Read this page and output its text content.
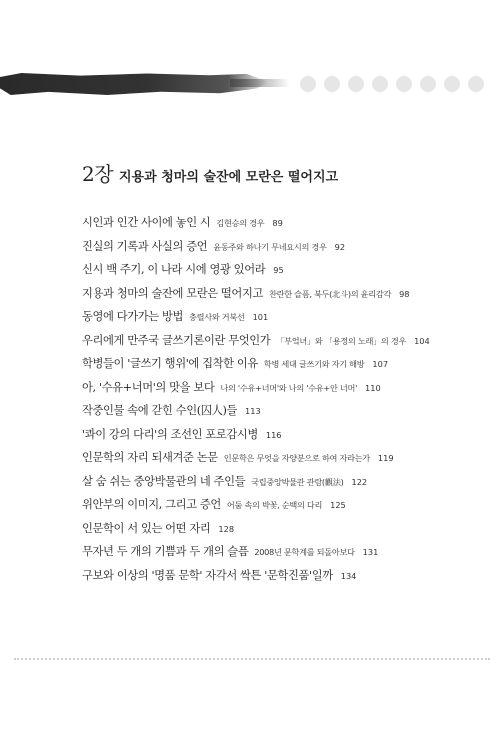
2장 지용과 청마의 술잔에 모란은 떨어지고
시인과 인간 사이에 놓인 시 김현승의 경우 89
진실의 기록과 사실의 증언 윤동주와 하나기 무네요시의 경우 92
신시 백 주기, 이 나라 시에 영광 있어라 95
지용과 청마의 술잔에 모란은 떨어지고 찬란한 슬픔, 북두(北斗)의 윤리감각 98
동영에 다가가는 방법 충렬사와 거북선 101
우리에게 만주국 글쓰기론이란 무엇인가 「부엌녀」와 「용정의 노래」의 경우 104
학병들이 '글쓰기 행위'에 집착한 이유 학병 세대 글쓰기와 자기 해방 107
아, '수유+너머'의 맛을 보다 나의 '수유+너머'와 나의 '수유+안 너머' 110
작중인물 속에 갇힌 수인(囚人)들 113
'콰이 강의 다리'의 조선인 포로감시병 116
인문학의 자리 되새겨준 논문 인문학은 무엇을 자양분으로 하여 자라는가 119
살 숨 쉬는 중앙박물관의 네 주인들 국립중앙박물관 관람(觀法) 122
위안부의 이미지, 그리고 증언 어둠 속의 박꽃, 순백의 다리 125
인문학이 서 있는 어떤 자리 128
무자년 두 개의 기쁨과 두 개의 슬픔 2008년 문학계를 되돌아보다 131
구보와 이상의 '명품 문학' 자각서 싹튼 '문학진품'일까 134
